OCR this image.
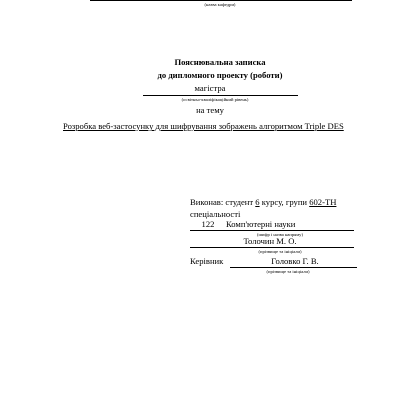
(назва кафедри)
Пояснювальна записка
до дипломного проекту (роботи)
магістра
(освітньо-кваліфікаційний рівень)
на тему
Розробка веб-застосунку для шифрування зображень алгоритмом Triple DES
Виконав: студент 6 курсу, групи 602-ТН
спеціальності
122 Комп'ютерні науки
(шифр і назва напряму)
Толочин М. О.
(прізвище та ініціали)
Керівник	Головко Г. В.
(прізвище та ініціали)
